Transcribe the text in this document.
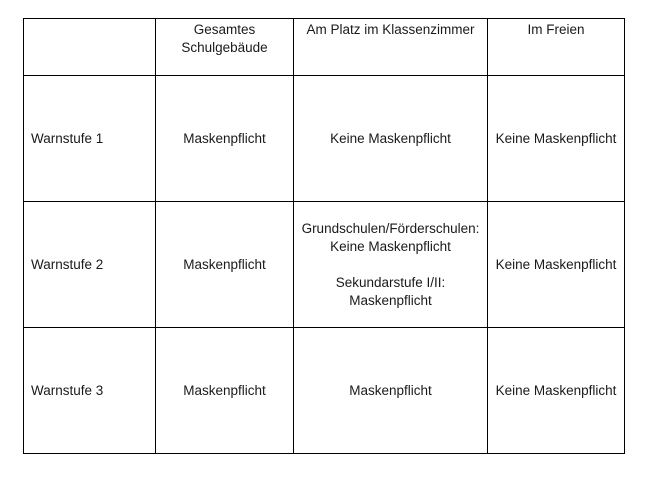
	Gesamtes
Schulgebäude	Am Platz im Klassenzimmer	Im Freien
Warnstufe 1	Maskenpflicht	Keine Maskenpflicht	Keine Maskenpflicht
Warnstufe 2	Maskenpflicht	Grundschulen/Förderschulen:
Keine Maskenpflicht
Sekundarstufe I/II:
Maskenpflicht	Keine Maskenpflicht
Warnstufe 3	Maskenpflicht	Maskenpflicht	Keine Maskenpflicht
